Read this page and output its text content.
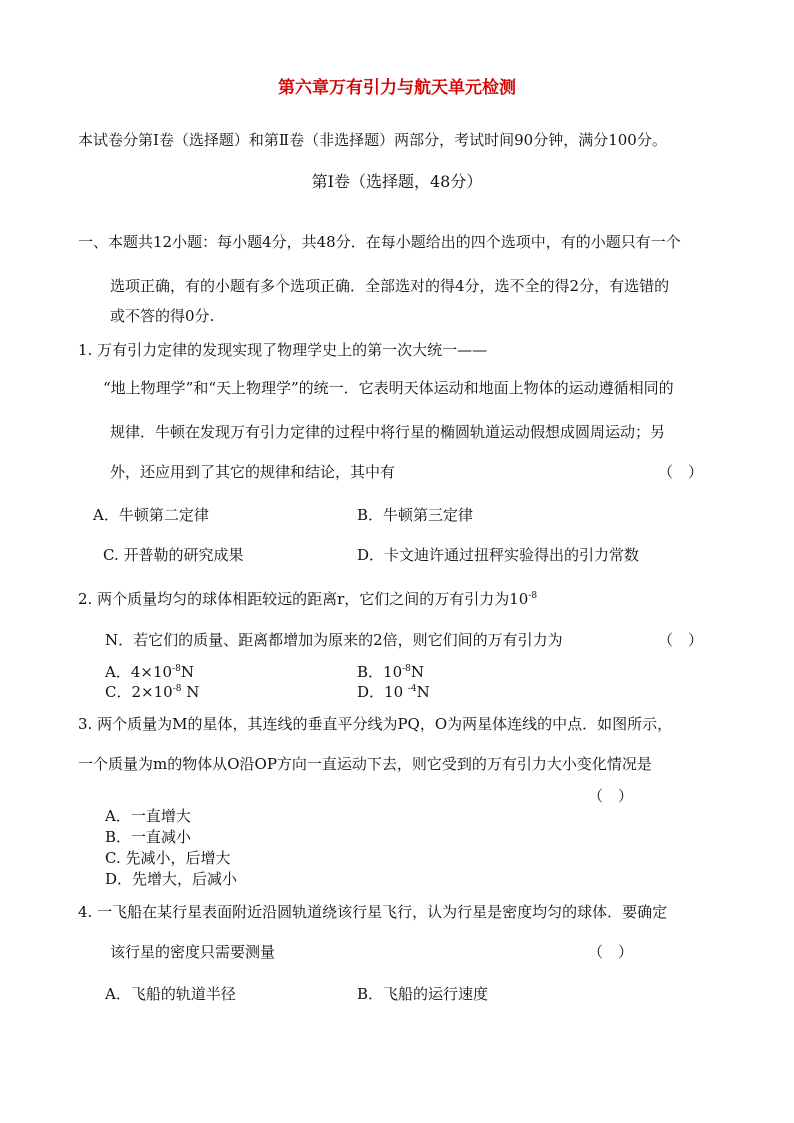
第六章万有引力与航天单元检测
本试卷分第Ⅰ卷（选择题）和第Ⅱ卷（非选择题）两部分，考试时间90分钟，满分100分。
第Ⅰ卷（选择题，48分）
一、本题共12小题：每小题4分，共48分．在每小题给出的四个选项中，有的小题只有一个
选项正确，有的小题有多个选项正确．全部选对的得4分，选不全的得2分，有选错的
或不答的得0分.
1. 万有引力定律的发现实现了物理学史上的第一次大统一——
“地上物理学”和“天上物理学”的统一．它表明天体运动和地面上物体的运动遵循相同的
规律．牛顿在发现万有引力定律的过程中将行星的椭圆轨道运动假想成圆周运动；另
外，还应用到了其它的规律和结论，其中有	（　）
A．牛顿第二定律	B．牛顿第三定律
C. 开普勒的研究成果	D．卡文迪许通过扭秤实验得出的引力常数
2. 两个质量均匀的球体相距较远的距离r，它们之间的万有引力为$10^{-8}$
N．若它们的质量、距离都增加为原来的2倍，则它们间的万有引力为	（　）
A．$4\times 10^{-8}N$	B．$10^{-8}N$
C．$2\times 10^{-8}$ N	D．10 $^{-4}$N
3. 两个质量为M的星体，其连线的垂直平分线为PQ，O为两星体连线的中点．如图所示，
一个质量为m的物体从O沿OP方向一直运动下去，则它受到的万有引力大小变化情况是
（　）
A．一直增大
B．一直减小
C. 先减小，后增大
D．先增大，后减小
4. 一飞船在某行星表面附近沿圆轨道绕该行星飞行，认为行星是密度均匀的球体．要确定
该行星的密度只需要测量	（　）
A．飞船的轨道半径	B．飞船的运行速度
